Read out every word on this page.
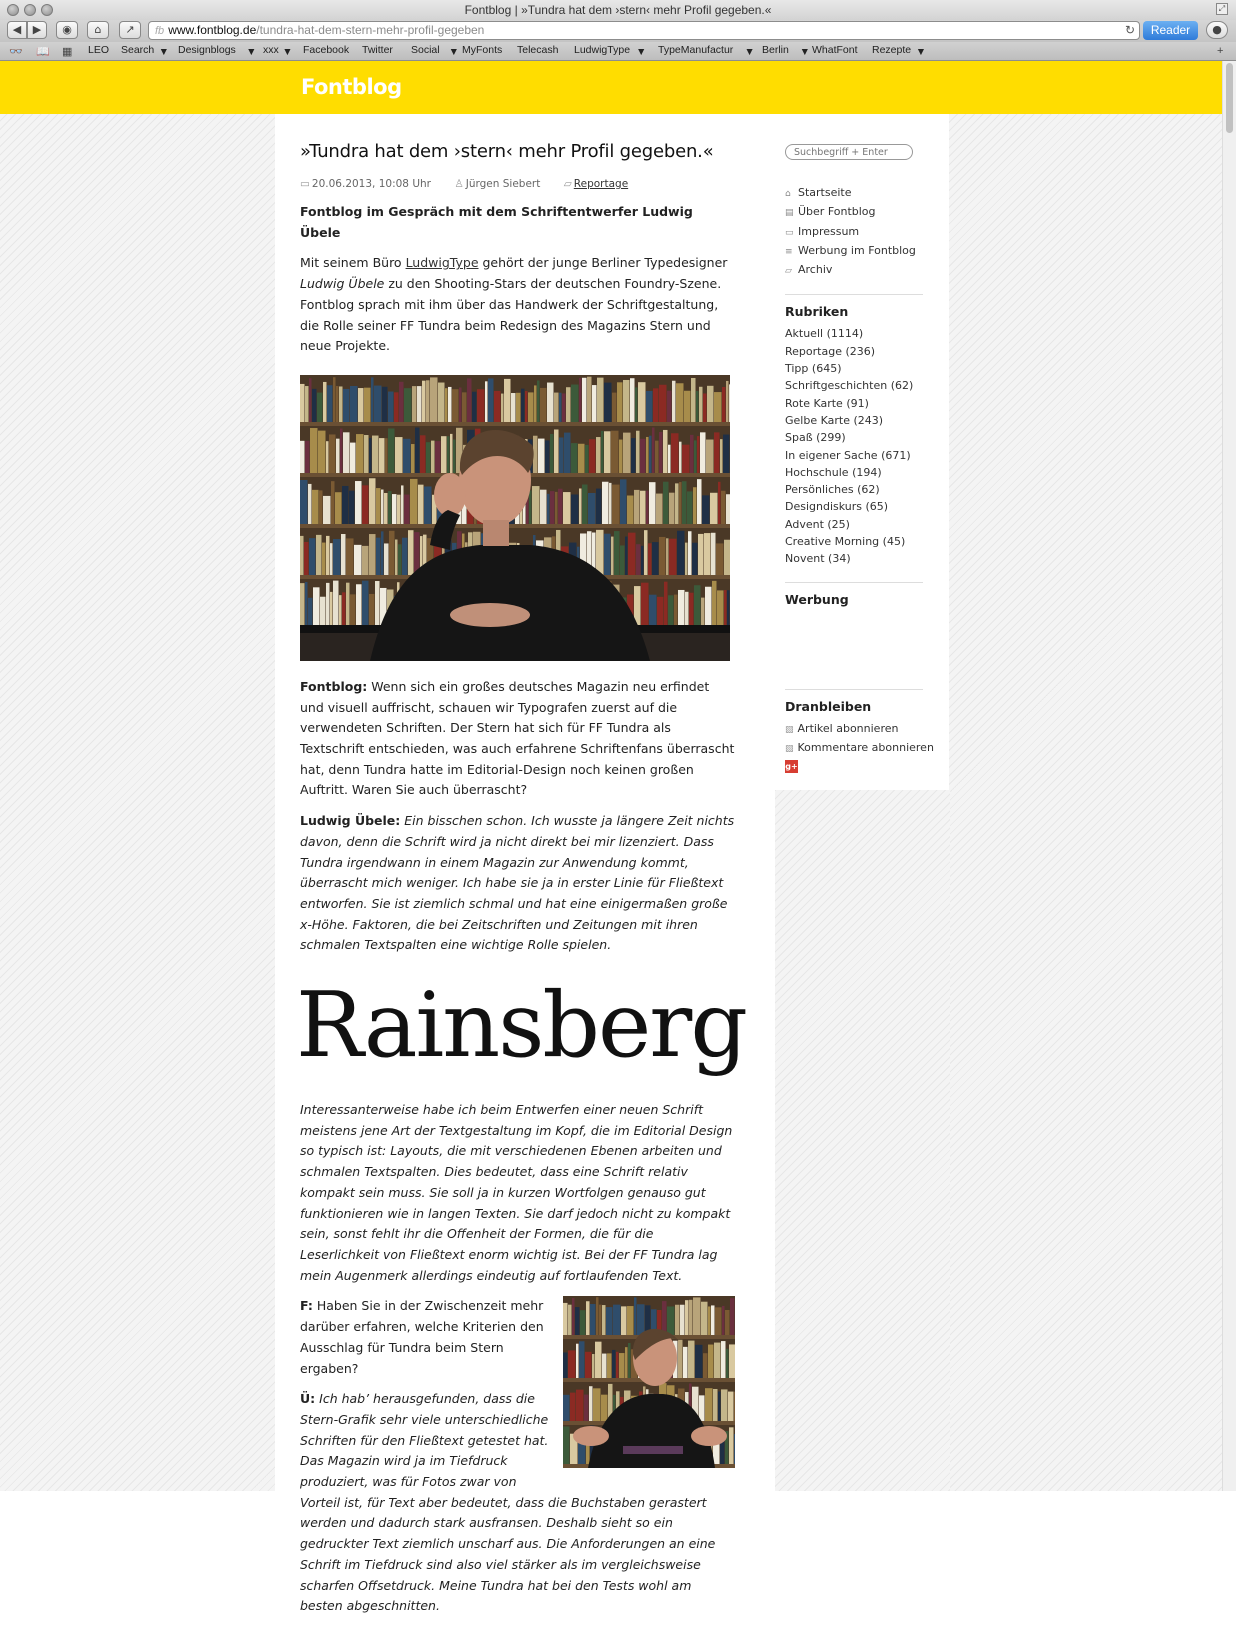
Fontblog | »Tundra hat dem ›stern‹ mehr Profil gegeben.«	⤢
◀	▶	◉	⌂	↗	fb www.fontblog.de/tundra-hat-dem-stern-mehr-profil-gegeben	↻	Reader	●
👓 📖 ▦ LEO Search ▼ Designblogs ▼ xxx ▼ Facebook Twitter Social ▼ MyFonts Telecash LudwigType ▼ TypeManufactur ▼ Berlin ▼ WhatFont Rezepte ▼	+
Fontblog
»Tundra hat dem ›stern‹ mehr Profil gegeben.«
▭ 20.06.2013, 10:08 Uhr ♙ Jürgen Siebert ▱ Reportage

Fontblog im Gespräch mit dem Schriftentwerfer Ludwig Übele

Mit seinem Büro LudwigType gehört der junge Berliner Typedesigner Ludwig Übele zu den Shooting-Stars der deutschen Foundry-Szene. Fontblog sprach mit ihm über das Handwerk der Schriftgestaltung, die Rolle seiner FF Tundra beim Redesign des Magazins Stern und neue Projekte.

Fontblog: Wenn sich ein großes deutsches Magazin neu erfindet und visuell auffrischt, schauen wir Typografen zuerst auf die verwendeten Schriften. Der Stern hat sich für FF Tundra als Textschrift entschieden, was auch erfahrene Schriftenfans überrascht hat, denn Tundra hatte im Editorial-Design noch keinen großen Auftritt. Waren Sie auch überrascht?

Ludwig Übele: Ein bisschen schon. Ich wusste ja längere Zeit nichts davon, denn die Schrift wird ja nicht direkt bei mir lizenziert. Dass Tundra irgendwann in einem Magazin zur Anwendung kommt, überrascht mich weniger. Ich habe sie ja in erster Linie für Fließtext entworfen. Sie ist ziemlich schmal und hat eine einigermaßen große x-Höhe. Faktoren, die bei Zeitschriften und Zeitungen mit ihren schmalen Textspalten eine wichtige Rolle spielen.

Rainsberg

Interessanterweise habe ich beim Entwerfen einer neuen Schrift meistens jene Art der Textgestaltung im Kopf, die im Editorial Design so typisch ist: Layouts, die mit verschiedenen Ebenen arbeiten und schmalen Textspalten. Dies bedeutet, dass eine Schrift relativ kompakt sein muss. Sie soll ja in kurzen Wortfolgen genauso gut funktionieren wie in langen Texten. Sie darf jedoch nicht zu kompakt sein, sonst fehlt ihr die Offenheit der Formen, die für die Leserlichkeit von Fließtext enorm wichtig ist. Bei der FF Tundra lag mein Augenmerk allerdings eindeutig auf fortlaufenden Text.

F: Haben Sie in der Zwischenzeit mehr darüber erfahren, welche Kriterien den Ausschlag für Tundra beim Stern ergaben?

Ü: Ich hab’ herausgefunden, dass die Stern-Grafik sehr viele unterschiedliche Schriften für den Fließtext getestet hat. Das Magazin wird ja im Tiefdruck produziert, was für Fotos zwar von Vorteil ist, für Text aber bedeutet, dass die Buchstaben gerastert werden und dadurch stark ausfransen. Deshalb sieht so ein gedruckter Text ziemlich unscharf aus. Die Anforderungen an eine Schrift im Tiefdruck sind also viel stärker als im vergleichsweise scharfen Offsetdruck. Meine Tundra hat bei den Tests wohl am besten abgeschnitten.

Suchbegriff + Enter
⌂ Startseite
▤ Über Fontblog
▭ Impressum
≡ Werbung im Fontblog
▱ Archiv
Rubriken
Aktuell (1114)
Reportage (236)
Tipp (645)
Schriftgeschichten (62)
Rote Karte (91)
Gelbe Karte (243)
Spaß (299)
In eigener Sache (671)
Hochschule (194)
Persönliches (62)
Designdiskurs (65)
Advent (25)
Creative Morning (45)
Novent (34)
Werbung
Dranbleiben
▧ Artikel abonnieren
▧ Kommentare abonnieren
g+
